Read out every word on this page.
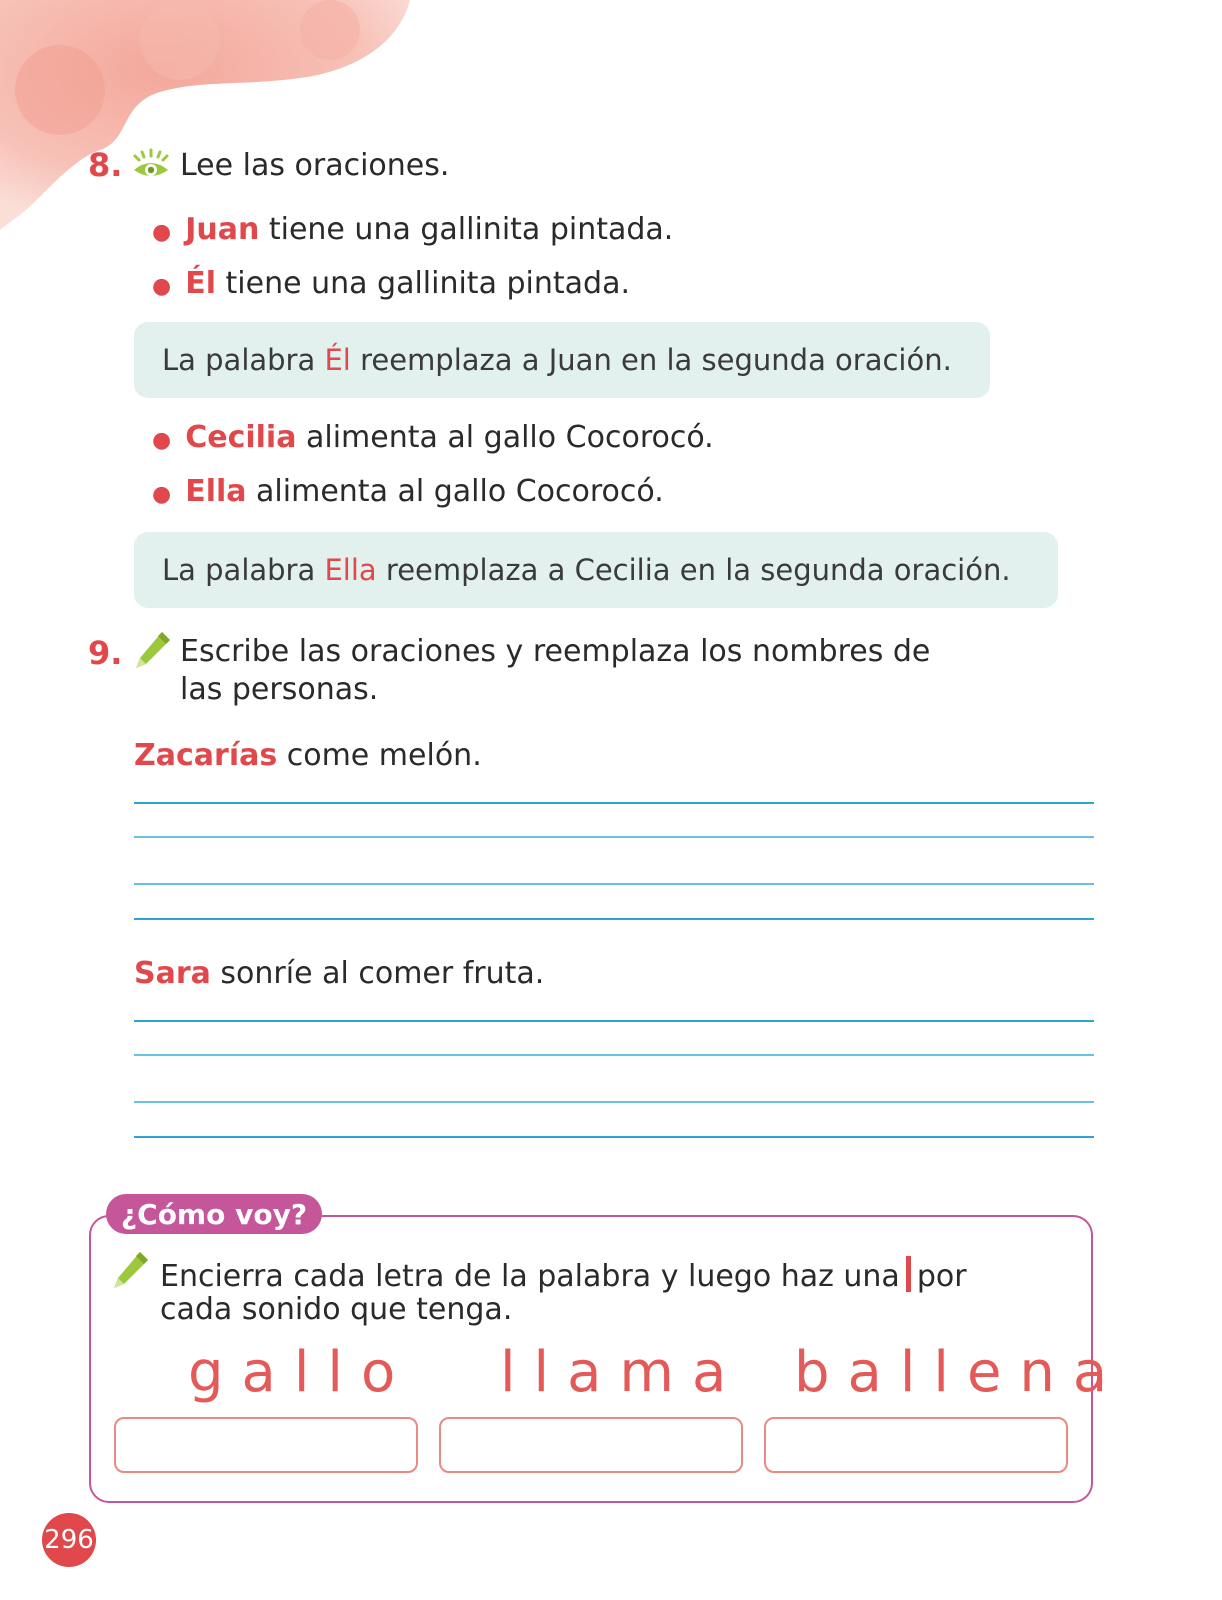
8. Lee las oraciones.
● Juan tiene una gallinita pintada.
● Él tiene una gallinita pintada.
La palabra Él reemplaza a Juan en la segunda oración.
● Cecilia alimenta al gallo Cocorocó.
● Ella alimenta al gallo Cocorocó.
La palabra Ella reemplaza a Cecilia en la segunda oración.
9. Escribe las oraciones y reemplaza los nombres de
las personas.
Zacarías come melón.
Sara sonríe al comer fruta.
¿Cómo voy?
Encierra cada letra de la palabra y luego haz una por
cada sonido que tenga.
gallo llama ballena
296
